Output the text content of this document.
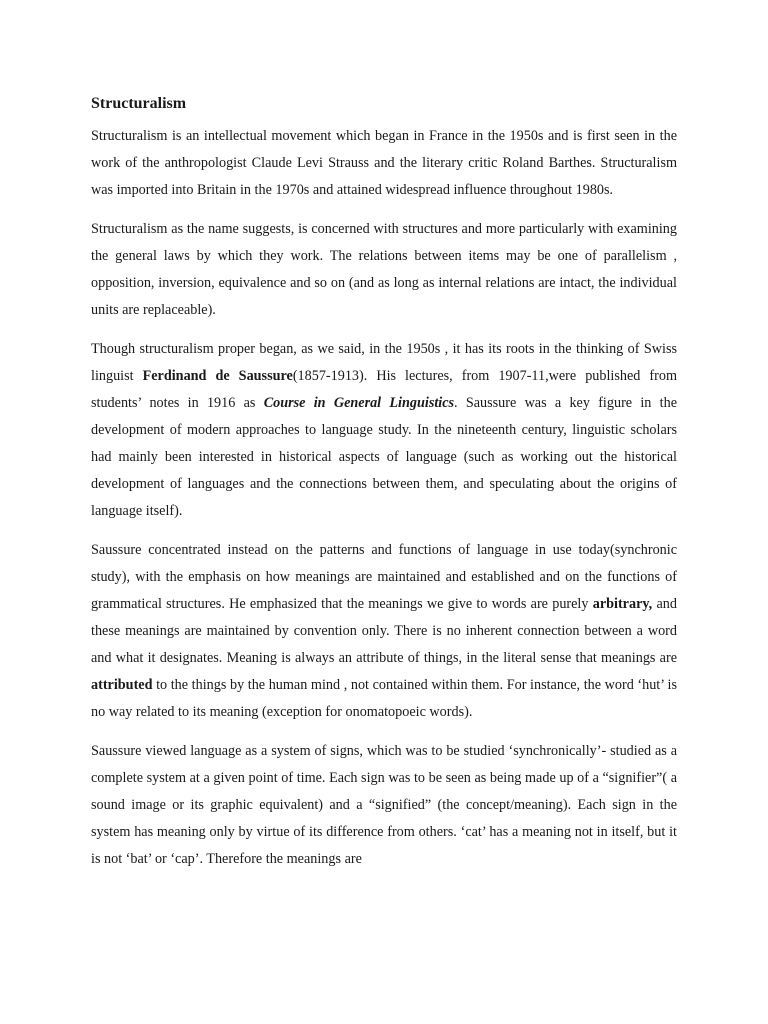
Structuralism

Structuralism is an intellectual movement which began in France in the 1950s and is first seen in the work of the anthropologist Claude Levi Strauss and the literary critic Roland Barthes. Structuralism was imported into Britain in the 1970s and attained widespread influence throughout 1980s.

Structuralism as the name suggests, is concerned with structures and more particularly with examining the general laws by which they work. The relations between items may be one of parallelism , opposition, inversion, equivalence and so on (and as long as internal relations are intact, the individual units are replaceable).

Though structuralism proper began, as we said, in the 1950s , it has its roots in the thinking of Swiss linguist Ferdinand de Saussure(1857-1913). His lectures, from 1907-11,were published from students’ notes in 1916 as Course in General Linguistics. Saussure was a key figure in the development of modern approaches to language study. In the nineteenth century, linguistic scholars had mainly been interested in historical aspects of language (such as working out the historical development of languages and the connections between them, and speculating about the origins of language itself).

Saussure concentrated instead on the patterns and functions of language in use today(synchronic study), with the emphasis on how meanings are maintained and established and on the functions of grammatical structures. He emphasized that the meanings we give to words are purely arbitrary, and these meanings are maintained by convention only. There is no inherent connection between a word and what it designates. Meaning is always an attribute of things, in the literal sense that meanings are attributed to the things by the human mind , not contained within them. For instance, the word ‘hut’ is no way related to its meaning (exception for onomatopoeic words).

Saussure viewed language as a system of signs, which was to be studied ‘synchronically’- studied as a complete system at a given point of time. Each sign was to be seen as being made up of a “signifier”( a sound image or its graphic equivalent) and a “signified” (the concept/meaning). Each sign in the system has meaning only by virtue of its difference from others. ‘cat’ has a meaning not in itself, but it is not ‘bat’ or ‘cap’. Therefore the meanings are
